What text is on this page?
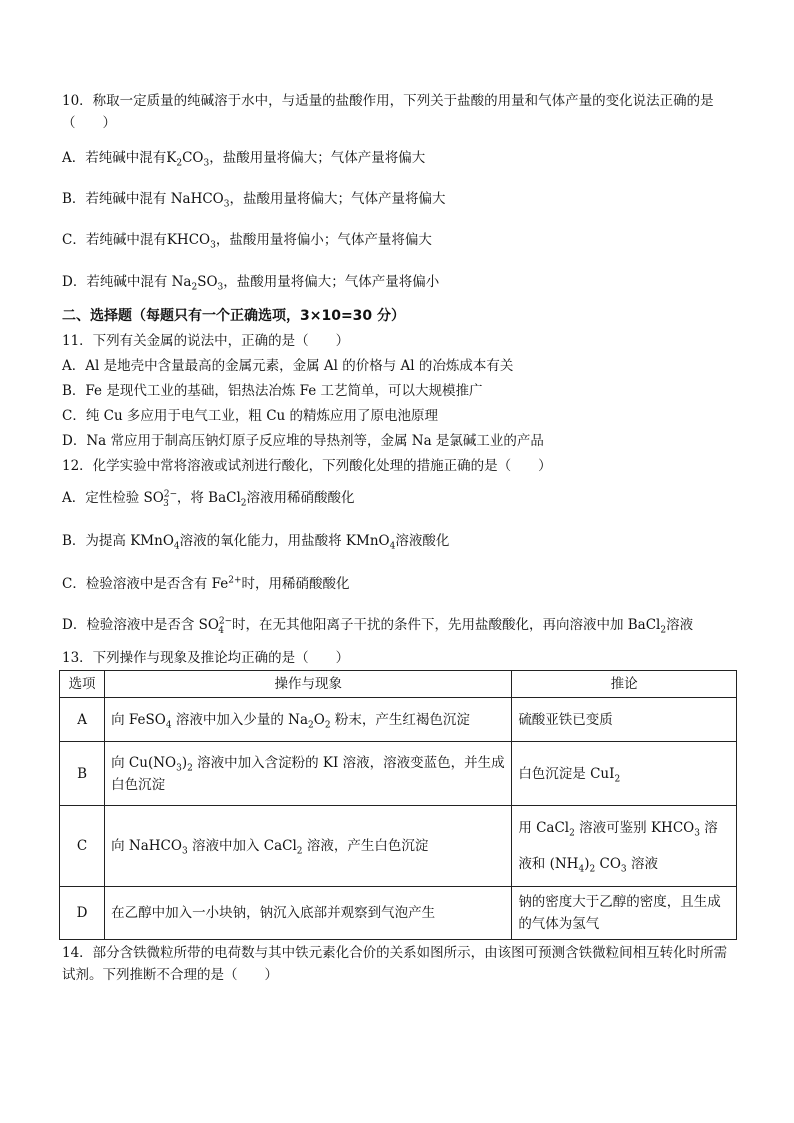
10．称取一定质量的纯碱溶于水中，与适量的盐酸作用，下列关于盐酸的用量和气体产量的变化说法正确的是
（　　）
A．若纯碱中混有$K_2CO_3$，盐酸用量将偏大；气体产量将偏大
B．若纯碱中混有 NaHCO$_3$，盐酸用量将偏大；气体产量将偏大
C．若纯碱中混有$KHCO_3$，盐酸用量将偏小；气体产量将偏大
D．若纯碱中混有 $Na_2SO_3$，盐酸用量将偏大；气体产量将偏小
二、选择题（每题只有一个正确选项，3×10=30 分）
11．下列有关金属的说法中，正确的是（　　）
A．Al 是地壳中含量最高的金属元素，金属 Al 的价格与 Al 的冶炼成本有关
B．Fe 是现代工业的基础，铝热法冶炼 Fe 工艺简单，可以大规模推广
C．纯 Cu 多应用于电气工业，粗 Cu 的精炼应用了原电池原理
D．Na 常应用于制高压钠灯原子反应堆的导热剂等，金属 Na 是氯碱工业的产品
12．化学实验中常将溶液或试剂进行酸化，下列酸化处理的措施正确的是（　　）
A．定性检验 $SO^{2-}_3$ ，将 BaCl$_2$溶液用稀硝酸酸化
B．为提高 KMnO$_4$溶液的氧化能力，用盐酸将 KMnO$_4$溶液酸化
C．检验溶液中是否含有 $Fe^{2+}$时，用稀硝酸酸化
D．检验溶液中是否含 $SO^{2-}_4$ 时，在无其他阳离子干扰的条件下，先用盐酸酸化，再向溶液中加 BaCl$_2$溶液
13．下列操作与现象及推论均正确的是（　　）
选项	操作与现象	推论
A	向 FeSO$_4$ 溶液中加入少量的 $Na_2O_2$ 粉末，产生红褐色沉淀	硫酸亚铁已变质
B	向 $Cu(NO_3)_2$ 溶液中加入含淀粉的 KI 溶液，溶液变蓝色，并生成白色沉淀	白色沉淀是 CuI$_2$
C	向 NaHCO$_3$ 溶液中加入 CaCl$_2$ 溶液，产生白色沉淀	用 CaCl$_2$ 溶液可鉴别 $KHCO_3$ 溶液和 $(NH_4)_2$ $CO_3$ 溶液
D	在乙醇中加入一小块钠，钠沉入底部并观察到气泡产生	钠的密度大于乙醇的密度，且生成的气体为氢气
14．部分含铁微粒所带的电荷数与其中铁元素化合价的关系如图所示，由该图可预测含铁微粒间相互转化时所需试剂。下列推断不合理的是（　　）
